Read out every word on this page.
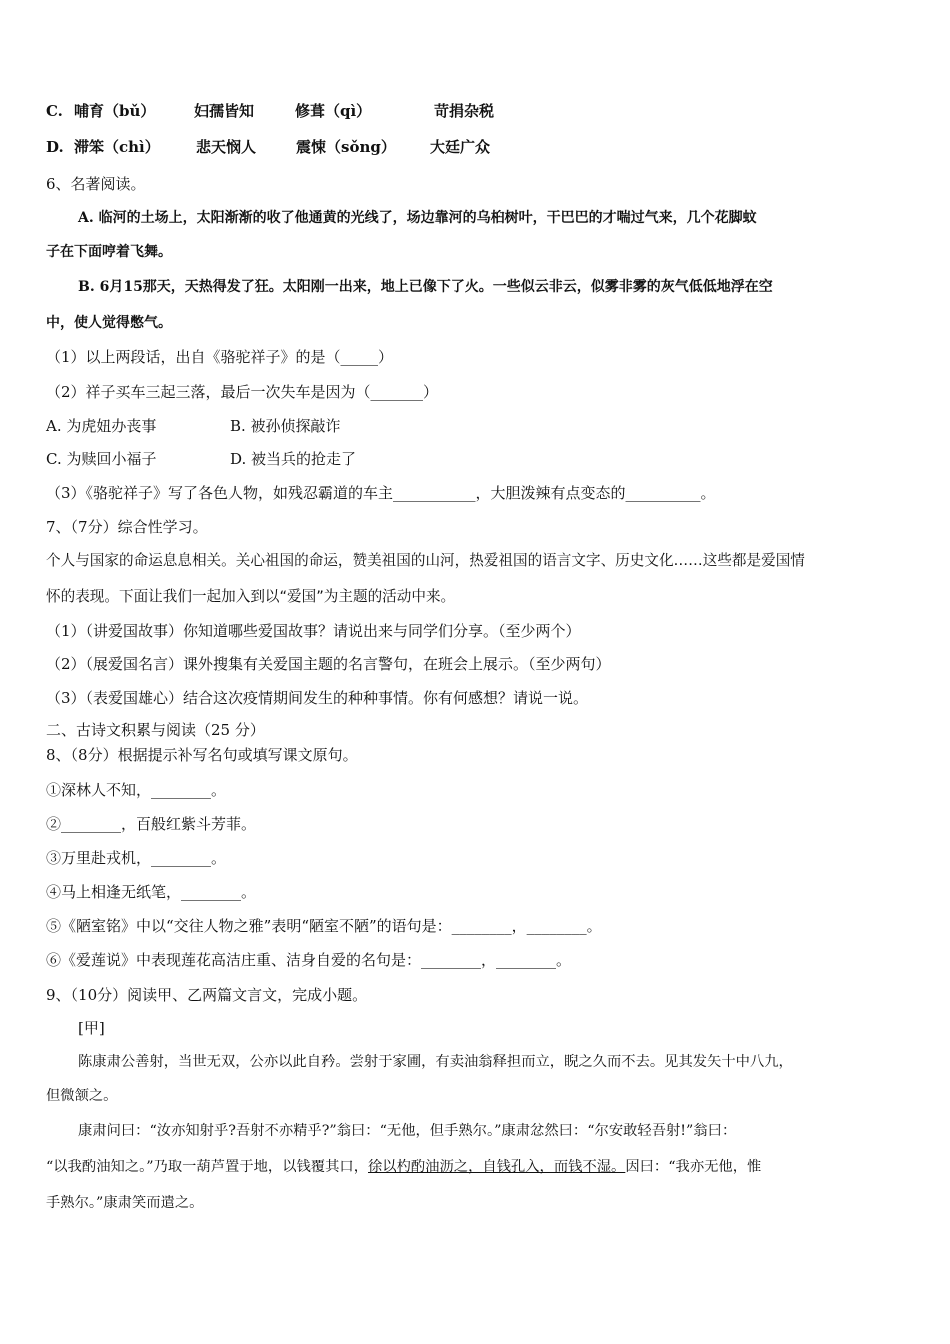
C. 哺育（bǔ）	妇孺皆知	修葺（qì）	苛捐杂税
D. 滞笨（chì） 悲天悯人	震悚（sǒng） 大廷广众
6、名著阅读。
A. 临河的土场上，太阳渐渐的收了他通黄的光线了，场边靠河的乌桕树叶，干巴巴的才喘过气来，几个花脚蚊
子在下面哼着飞舞。
B. 6月15那天，天热得发了狂。太阳刚一出来，地上已像下了火。一些似云非云，似雾非雾的灰气低低地浮在空
中，使人觉得憋气。
（1）以上两段话，出自《骆驼祥子》的是（_____）
（2）祥子买车三起三落，最后一次失车是因为（_______）
A. 为虎妞办丧事	B. 被孙侦探敲诈
C. 为赎回小福子	D. 被当兵的抢走了
（3）《骆驼祥子》写了各色人物，如残忍霸道的车主___________，大胆泼辣有点变态的__________。
7、（7分）综合性学习。
个人与国家的命运息息相关。关心祖国的命运，赞美祖国的山河，热爱祖国的语言文字、历史文化……这些都是爱国情
怀的表现。下面让我们一起加入到以“爱国”为主题的活动中来。
（1）（讲爱国故事）你知道哪些爱国故事？请说出来与同学们分享。（至少两个）
（2）（展爱国名言）课外搜集有关爱国主题的名言警句，在班会上展示。（至少两句）
（3）（表爱国雄心）结合这次疫情期间发生的种种事情。你有何感想？请说一说。
二、古诗文积累与阅读（25 分）
8、（8分）根据提示补写名句或填写课文原句。
①深林人不知，________。
②________，百般红紫斗芳菲。
③万里赴戎机，________。
④马上相逢无纸笔，________。
⑤《陋室铭》中以“交往人物之雅”表明“陋室不陋”的语句是：________，________。
⑥《爱莲说》中表现莲花高洁庄重、洁身自爱的名句是：________，________。
9、（10分）阅读甲、乙两篇文言文，完成小题。
[甲]
陈康肃公善射，当世无双，公亦以此自矜。尝射于家圃，有卖油翁释担而立，睨之久而不去。见其发矢十中八九，
但微颔之。
康肃问曰：“汝亦知射乎?吾射不亦精乎?”翁曰：“无他，但手熟尔。”康肃忿然曰：“尔安敢轻吾射!”翁曰：
“以我酌油知之。”乃取一葫芦置于地，以钱覆其口，徐以杓酌油沥之，自钱孔入，而钱不湿。因曰：“我亦无他，惟
手熟尔。”康肃笑而遣之。
